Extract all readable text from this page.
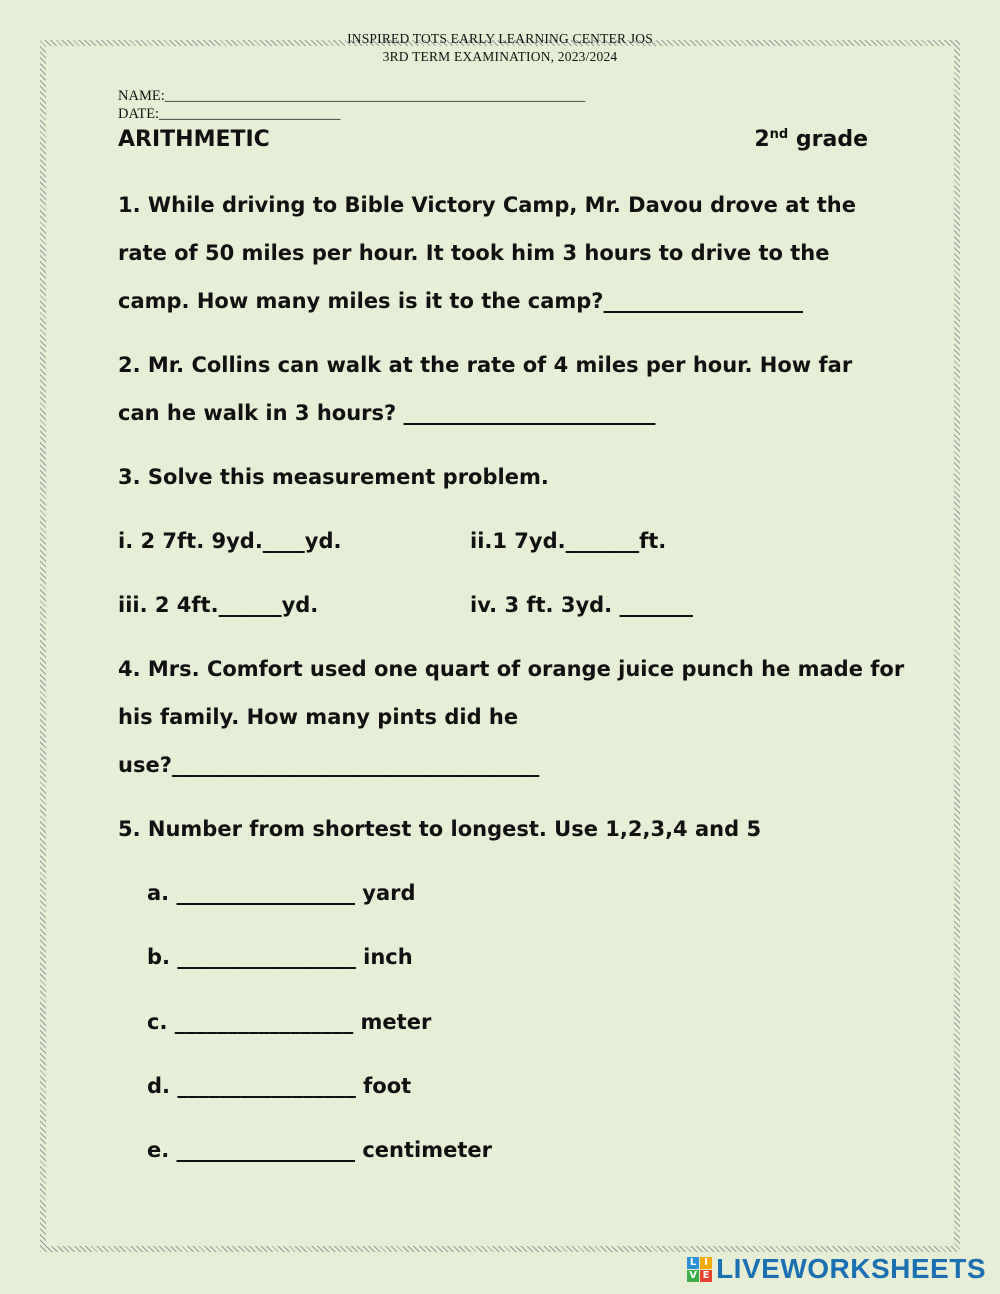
INSPIRED TOTS EARLY LEARNING CENTER JOS
3RD TERM EXAMINATION, 2023/2024
NAME:__________________________________________________________
DATE:_________________________
ARITHMETIC	2nd grade
1. While driving to Bible Victory Camp, Mr. Davou drove at the
rate of 50 miles per hour. It took him 3 hours to drive to the
camp. How many miles is it to the camp?___________________
2. Mr. Collins can walk at the rate of 4 miles per hour. How far
can he walk in 3 hours? ________________________
3. Solve this measurement problem.
i. 2 7ft. 9yd.____yd.	ii.1 7yd._______ft.
iii. 2 4ft.______yd.	iv. 3 ft. 3yd. _______
4. Mrs. Comfort used one quart of orange juice punch he made for
his family. How many pints did he
use?___________________________________
5. Number from shortest to longest. Use 1,2,3,4 and 5
a. _________________ yard
b. _________________ inch
c. _________________ meter
d. _________________ foot
e. _________________ centimeter
L I
V E LIVEWORKSHEETS
